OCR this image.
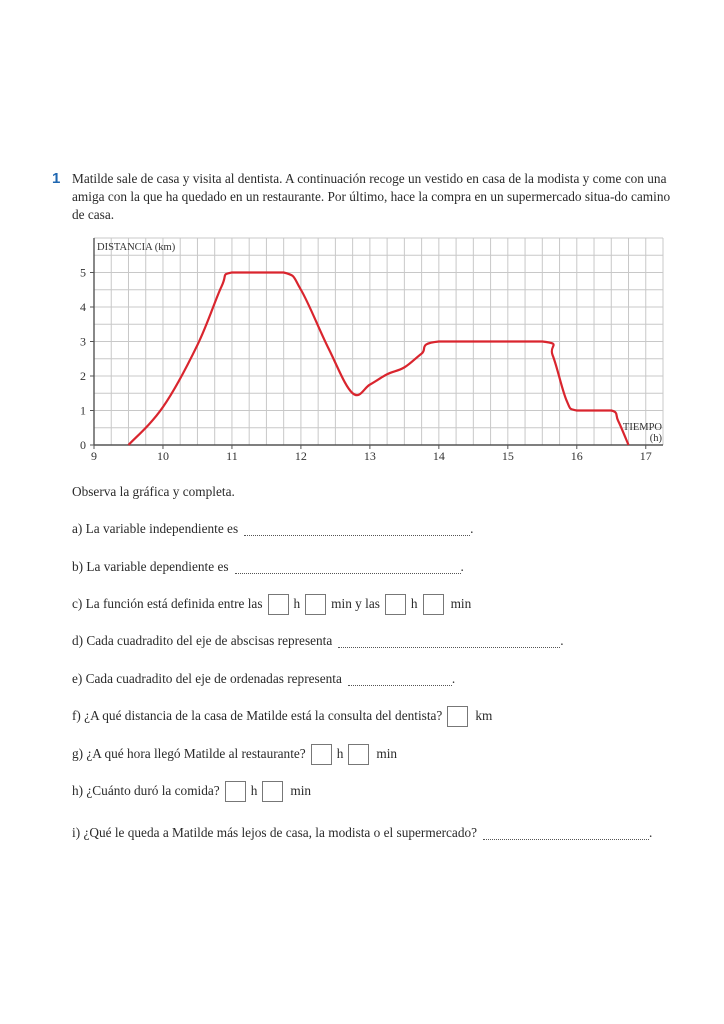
1 Matilde sale de casa y visita al dentista. A continuación recoge un vestido en casa de la modista y come con una amiga con la que ha quedado en un restaurante. Por último, hace la compra en un supermercado situa-do camino de casa.
9	10	11	12	13	14	15	16	17
0
1
2
3
4
5
DISTANCIA (km)
TIEMPO
(h)
Observa la gráfica y completa.
a) La variable independiente es	.
b) La variable dependiente es	.
c) La función está definida entre las h min y las h min
d) Cada cuadradito del eje de abscisas representa	.
e) Cada cuadradito del eje de ordenadas representa	.
f) ¿A qué distancia de la casa de Matilde está la consulta del dentista? km
g) ¿A qué hora llegó Matilde al restaurante? h min
h) ¿Cuánto duró la comida? h min
i) ¿Qué le queda a Matilde más lejos de casa, la modista o el supermercado?	.
